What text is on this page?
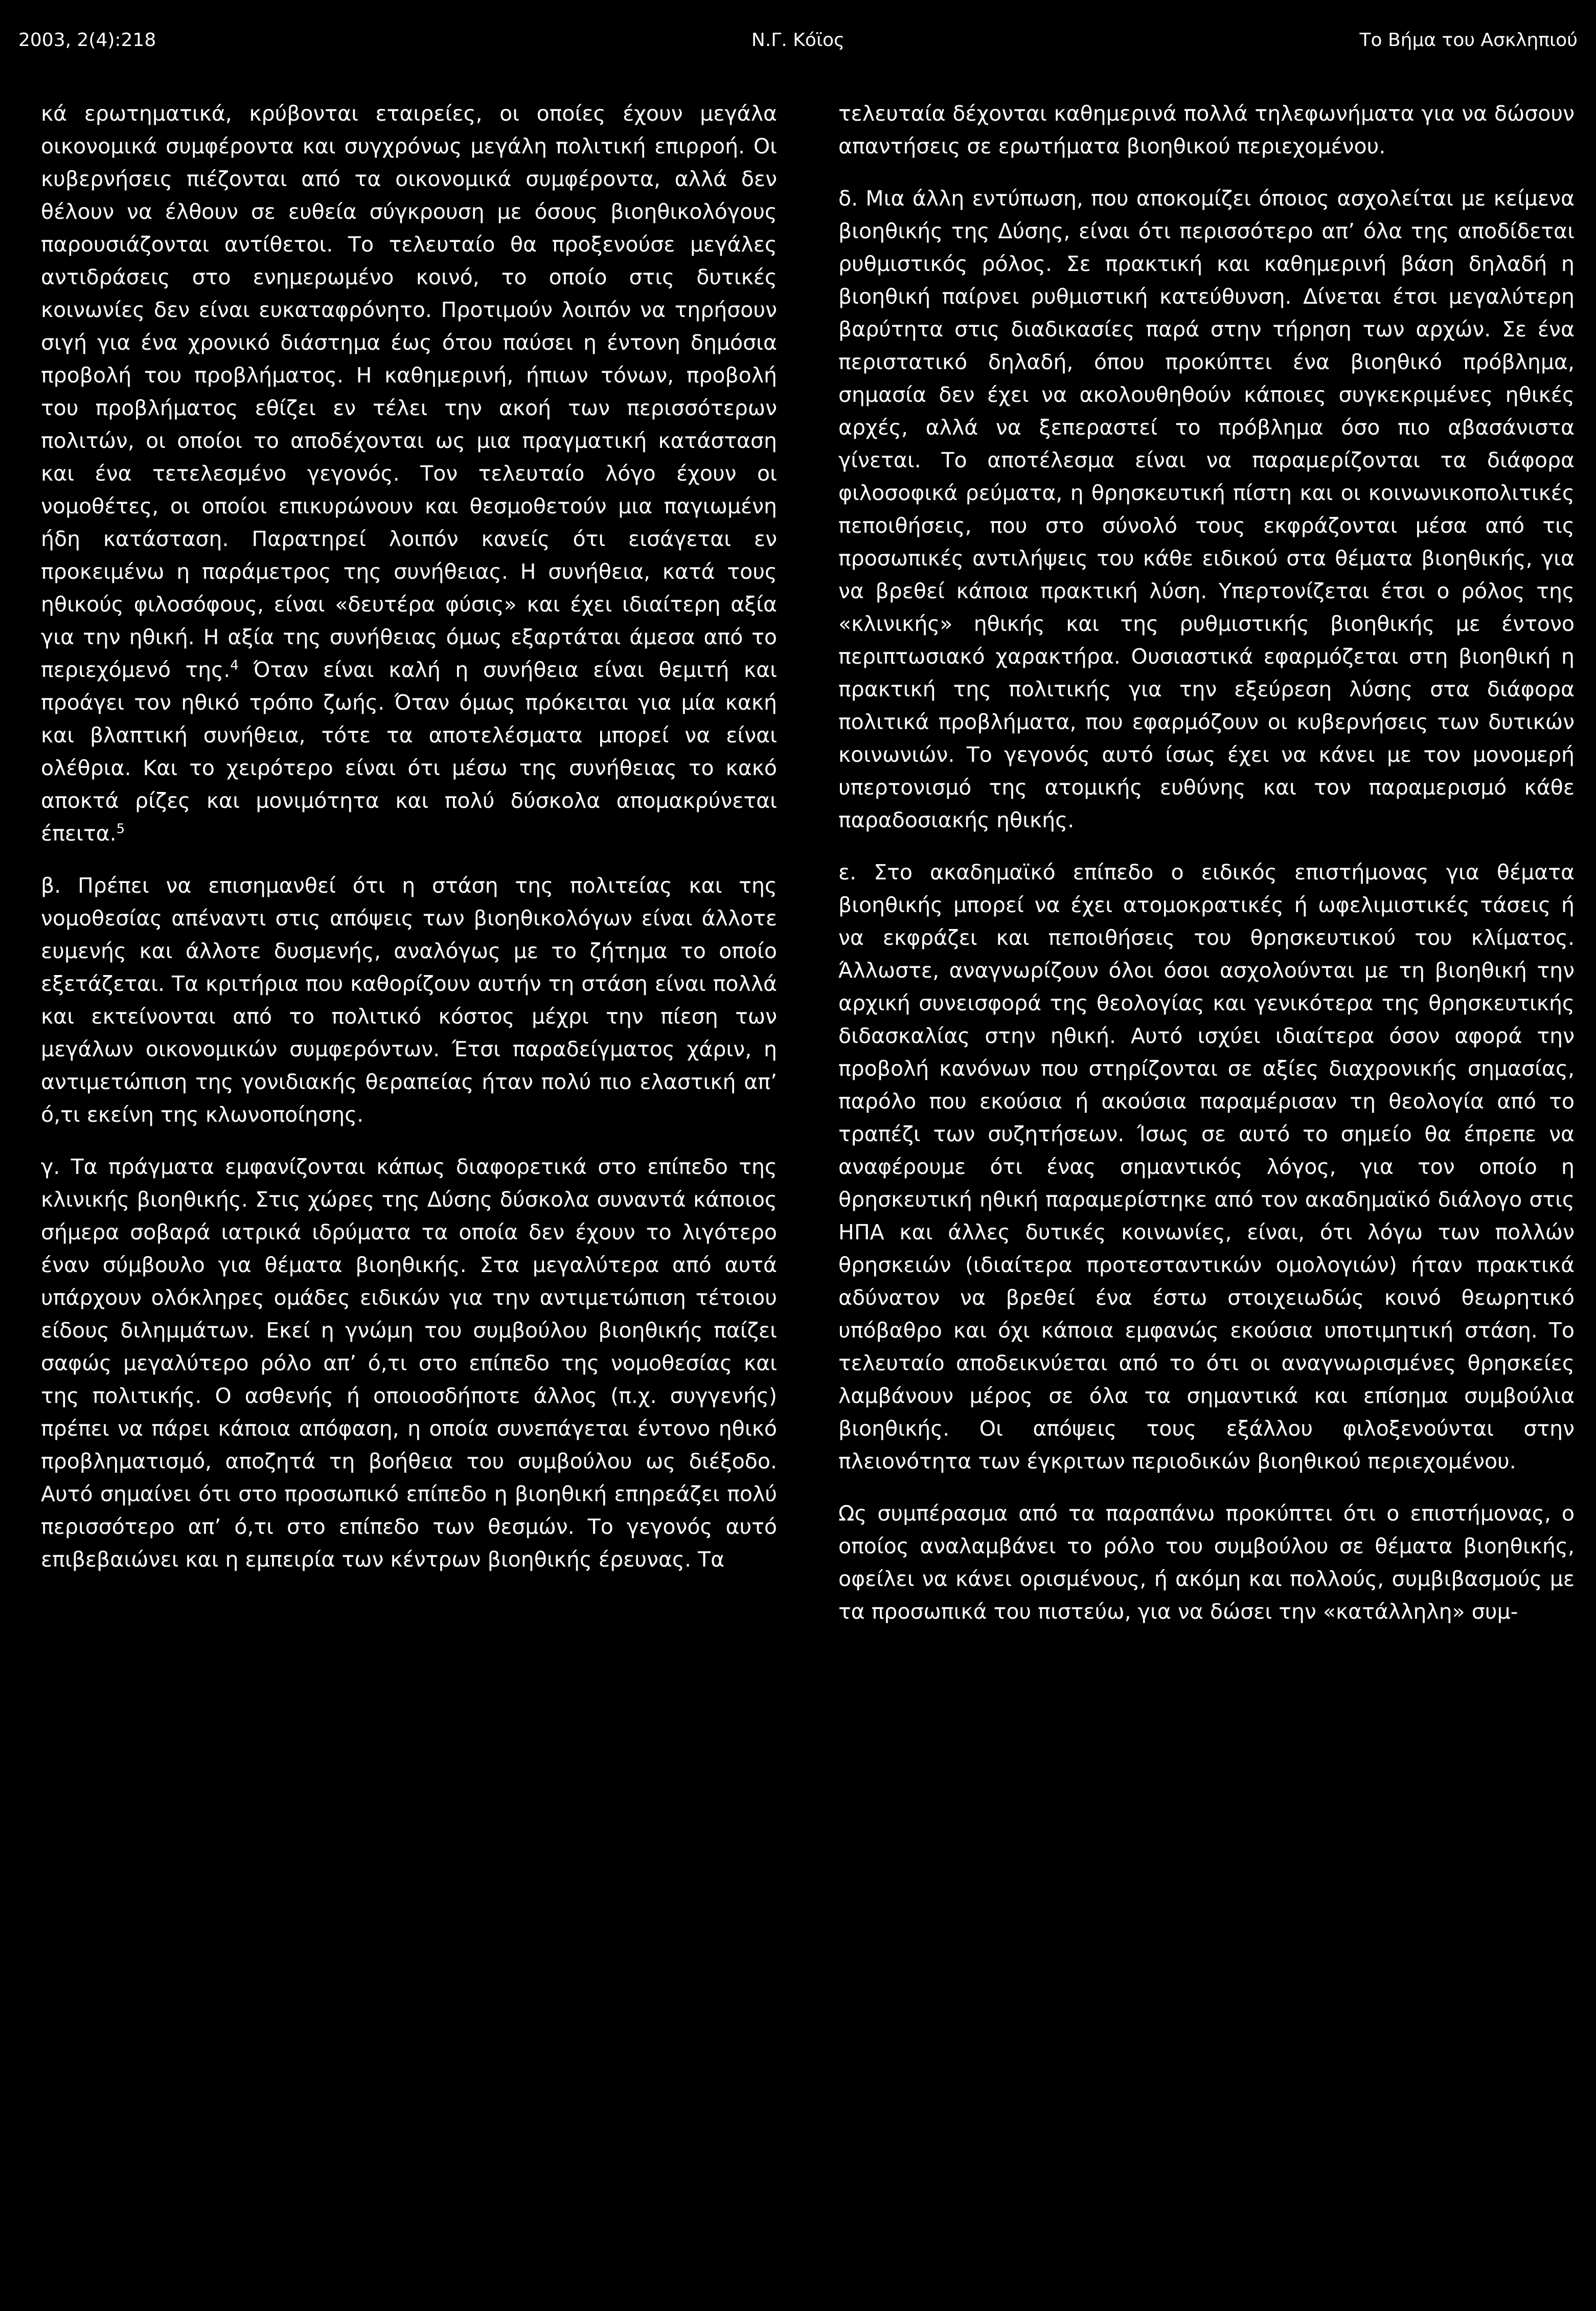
2003, 2(4):218	Ν.Γ. Κόϊος	Το Βήμα του Ασκληπιού

κά ερωτηματικά, κρύβονται εταιρείες, οι οποίες έχουν μεγάλα οικονομικά συμφέροντα και συγχρόνως μεγάλη πολιτική επιρροή. Οι κυβερνήσεις πιέζονται από τα οικονομικά συμφέροντα, αλλά δεν θέλουν να έλθουν σε ευθεία σύγκρουση με όσους βιοηθικολόγους παρουσιάζονται αντίθετοι. Το τελευταίο θα προξενούσε μεγάλες αντιδράσεις στο ενημερωμένο κοινό, το οποίο στις δυτικές κοινωνίες δεν είναι ευκαταφρόνητο. Προτιμούν λοιπόν να τηρήσουν σιγή για ένα χρονικό διάστημα έως ότου παύσει η έντονη δημόσια προβολή του προβλήματος. Η καθημερινή, ήπιων τόνων, προβολή του προβλήματος εθίζει εν τέλει την ακοή των περισσότερων πολιτών, οι οποίοι το αποδέχονται ως μια πραγματική κατάσταση και ένα τετελεσμένο γεγονός. Τον τελευταίο λόγο έχουν οι νομοθέτες, οι οποίοι επικυρώνουν και θεσμοθετούν μια παγιωμένη ήδη κατάσταση. Παρατηρεί λοιπόν κανείς ότι εισάγεται εν προκειμένω η παράμετρος της συνήθειας. Η συνήθεια, κατά τους ηθικούς φιλοσόφους, είναι «δευτέρα φύσις» και έχει ιδιαίτερη αξία για την ηθική. Η αξία της συνήθειας όμως εξαρτάται άμεσα από το περιεχόμενό της.$^4$ Όταν είναι καλή η συνήθεια είναι θεμιτή και προάγει τον ηθικό τρόπο ζωής. Όταν όμως πρόκειται για μία κακή και βλαπτική συνήθεια, τότε τα αποτελέσματα μπορεί να είναι ολέθρια. Και το χειρότερο είναι ότι μέσω της συνήθειας το κακό αποκτά ρίζες και μονιμότητα και πολύ δύσκολα απομακρύνεται έπειτα.$^5$

β. Πρέπει να επισημανθεί ότι η στάση της πολιτείας και της νομοθεσίας απέναντι στις απόψεις των βιοηθικολόγων είναι άλλοτε ευμενής και άλλοτε δυσμενής, αναλόγως με το ζήτημα το οποίο εξετάζεται. Τα κριτήρια που καθορίζουν αυτήν τη στάση είναι πολλά και εκτείνονται από το πολιτικό κόστος μέχρι την πίεση των μεγάλων οικονομικών συμφερόντων. Έτσι παραδείγματος χάριν, η αντιμετώπιση της γονιδιακής θεραπείας ήταν πολύ πιο ελαστική απ’ ό,τι εκείνη της κλωνοποίησης.

γ. Τα πράγματα εμφανίζονται κάπως διαφορετικά στο επίπεδο της κλινικής βιοηθικής. Στις χώρες της Δύσης δύσκολα συναντά κάποιος σήμερα σοβαρά ιατρικά ιδρύματα τα οποία δεν έχουν το λιγότερο έναν σύμβουλο για θέματα βιοηθικής. Στα μεγαλύτερα από αυτά υπάρχουν ολόκληρες ομάδες ειδικών για την αντιμετώπιση τέτοιου είδους διλημμάτων. Εκεί η γνώμη του συμβούλου βιοηθικής παίζει σαφώς μεγαλύτερο ρόλο απ’ ό,τι στο επίπεδο της νομοθεσίας και της πολιτικής. Ο ασθενής ή οποιοσδήποτε άλλος (π.χ. συγγενής) πρέπει να πάρει κάποια απόφαση, η οποία συνεπάγεται έντονο ηθικό προβληματισμό, αποζητά τη βοήθεια του συμβούλου ως διέξοδο. Αυτό σημαίνει ότι στο προσωπικό επίπεδο η βιοηθική επηρεάζει πολύ περισσότερο απ’ ό,τι στο επίπεδο των θεσμών. Το γεγονός αυτό επιβεβαιώνει και η εμπειρία των κέντρων βιοηθικής έρευνας. Τα

τελευταία δέχονται καθημερινά πολλά τηλεφωνήματα για να δώσουν απαντήσεις σε ερωτήματα βιοηθικού περιεχομένου.

δ. Μια άλλη εντύπωση, που αποκομίζει όποιος ασχολείται με κείμενα βιοηθικής της Δύσης, είναι ότι περισσότερο απ’ όλα της αποδίδεται ρυθμιστικός ρόλος. Σε πρακτική και καθημερινή βάση δηλαδή η βιοηθική παίρνει ρυθμιστική κατεύθυνση. Δίνεται έτσι μεγαλύτερη βαρύτητα στις διαδικασίες παρά στην τήρηση των αρχών. Σε ένα περιστατικό δηλαδή, όπου προκύπτει ένα βιοηθικό πρόβλημα, σημασία δεν έχει να ακολουθηθούν κάποιες συγκεκριμένες ηθικές αρχές, αλλά να ξεπεραστεί το πρόβλημα όσο πιο αβασάνιστα γίνεται. Το αποτέλεσμα είναι να παραμερίζονται τα διάφορα φιλοσοφικά ρεύματα, η θρησκευτική πίστη και οι κοινωνικοπολιτικές πεποιθήσεις, που στο σύνολό τους εκφράζονται μέσα από τις προσωπικές αντιλήψεις του κάθε ειδικού στα θέματα βιοηθικής, για να βρεθεί κάποια πρακτική λύση. Υπερτονίζεται έτσι ο ρόλος της «κλινικής» ηθικής και της ρυθμιστικής βιοηθικής με έντονο περιπτωσιακό χαρακτήρα. Ουσιαστικά εφαρμόζεται στη βιοηθική η πρακτική της πολιτικής για την εξεύρεση λύσης στα διάφορα πολιτικά προβλήματα, που εφαρμόζουν οι κυβερνήσεις των δυτικών κοινωνιών. Το γεγονός αυτό ίσως έχει να κάνει με τον μονομερή υπερτονισμό της ατομικής ευθύνης και τον παραμερισμό κάθε παραδοσιακής ηθικής.

ε. Στο ακαδημαϊκό επίπεδο ο ειδικός επιστήμονας για θέματα βιοηθικής μπορεί να έχει ατομοκρατικές ή ωφελιμιστικές τάσεις ή να εκφράζει και πεποιθήσεις του θρησκευτικού του κλίματος. Άλλωστε, αναγνωρίζουν όλοι όσοι ασχολούνται με τη βιοηθική την αρχική συνεισφορά της θεολογίας και γενικότερα της θρησκευτικής διδασκαλίας στην ηθική. Αυτό ισχύει ιδιαίτερα όσον αφορά την προβολή κανόνων που στηρίζονται σε αξίες διαχρονικής σημασίας, παρόλο που εκούσια ή ακούσια παραμέρισαν τη θεολογία από το τραπέζι των συζητήσεων. Ίσως σε αυτό το σημείο θα έπρεπε να αναφέρουμε ότι ένας σημαντικός λόγος, για τον οποίο η θρησκευτική ηθική παραμερίστηκε από τον ακαδημαϊκό διάλογο στις ΗΠΑ και άλλες δυτικές κοινωνίες, είναι, ότι λόγω των πολλών θρησκειών (ιδιαίτερα προτεσταντικών ομολογιών) ήταν πρακτικά αδύνατον να βρεθεί ένα έστω στοιχειωδώς κοινό θεωρητικό υπόβαθρο και όχι κάποια εμφανώς εκούσια υποτιμητική στάση. Το τελευταίο αποδεικνύεται από το ότι οι αναγνωρισμένες θρησκείες λαμβάνουν μέρος σε όλα τα σημαντικά και επίσημα συμβούλια βιοηθικής. Οι απόψεις τους εξάλλου φιλοξενούνται στην πλειονότητα των έγκριτων περιοδικών βιοηθικού περιεχομένου.

Ως συμπέρασμα από τα παραπάνω προκύπτει ότι ο επιστήμονας, ο οποίος αναλαμβάνει το ρόλο του συμβούλου σε θέματα βιοηθικής, οφείλει να κάνει ορισμένους, ή ακόμη και πολλούς, συμβιβασμούς με τα προσωπικά του πιστεύω, για να δώσει την «κατάλληλη» συμ-
